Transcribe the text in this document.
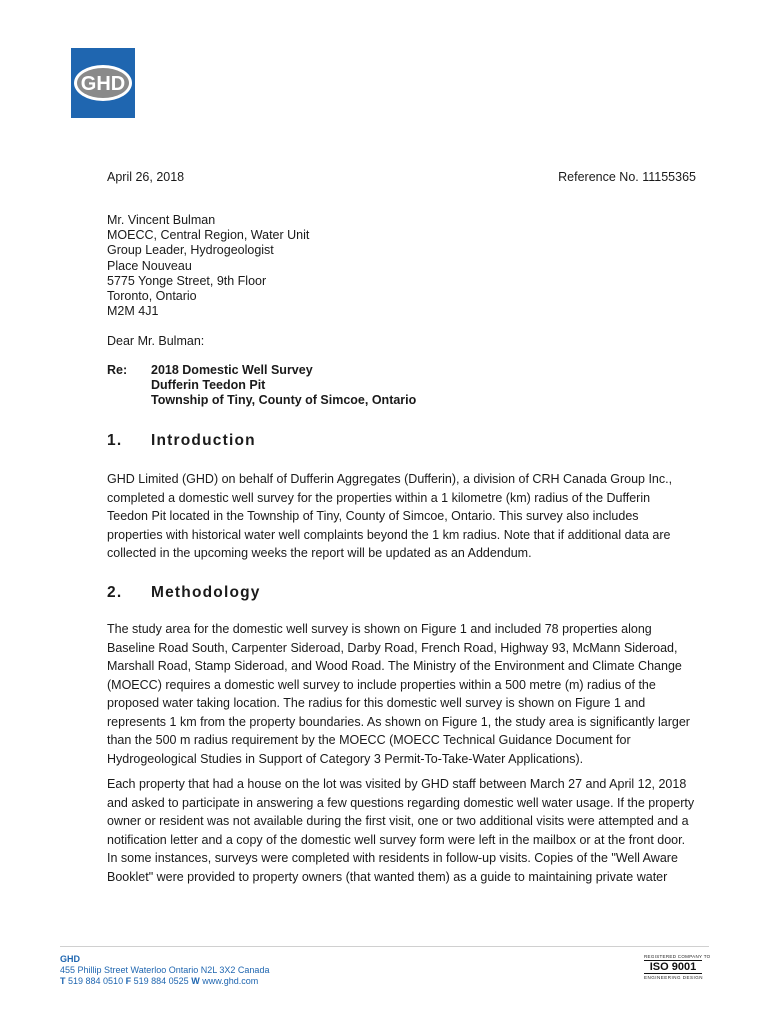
GHD
April 26, 2018	Reference No. 11155365
Mr. Vincent Bulman
MOECC, Central Region, Water Unit
Group Leader, Hydrogeologist
Place Nouveau
5775 Yonge Street, 9th Floor
Toronto, Ontario
M2M 4J1
Dear Mr. Bulman:
Re: 2018 Domestic Well Survey
Dufferin Teedon Pit
Township of Tiny, County of Simcoe, Ontario
1. Introduction
GHD Limited (GHD) on behalf of Dufferin Aggregates (Dufferin), a division of CRH Canada Group Inc.,
completed a domestic well survey for the properties within a 1 kilometre (km) radius of the Dufferin
Teedon Pit located in the Township of Tiny, County of Simcoe, Ontario. This survey also includes
properties with historical water well complaints beyond the 1 km radius. Note that if additional data are
collected in the upcoming weeks the report will be updated as an Addendum.
2. Methodology
The study area for the domestic well survey is shown on Figure 1 and included 78 properties along
Baseline Road South, Carpenter Sideroad, Darby Road, French Road, Highway 93, McMann Sideroad,
Marshall Road, Stamp Sideroad, and Wood Road. The Ministry of the Environment and Climate Change
(MOECC) requires a domestic well survey to include properties within a 500 metre (m) radius of the
proposed water taking location. The radius for this domestic well survey is shown on Figure 1 and
represents 1 km from the property boundaries. As shown on Figure 1, the study area is significantly larger
than the 500 m radius requirement by the MOECC (MOECC Technical Guidance Document for
Hydrogeological Studies in Support of Category 3 Permit-To-Take-Water Applications).
Each property that had a house on the lot was visited by GHD staff between March 27 and April 12, 2018
and asked to participate in answering a few questions regarding domestic well water usage. If the property
owner or resident was not available during the first visit, one or two additional visits were attempted and a
notification letter and a copy of the domestic well survey form were left in the mailbox or at the front door.
In some instances, surveys were completed with residents in follow-up visits. Copies of the "Well Aware
Booklet" were provided to property owners (that wanted them) as a guide to maintaining private water
GHD
455 Phillip Street Waterloo Ontario N2L 3X2 Canada
T 519 884 0510 F 519 884 0525 W www.ghd.com
REGISTERED COMPANY TO
ISO 9001
ENGINEERING DESIGN
